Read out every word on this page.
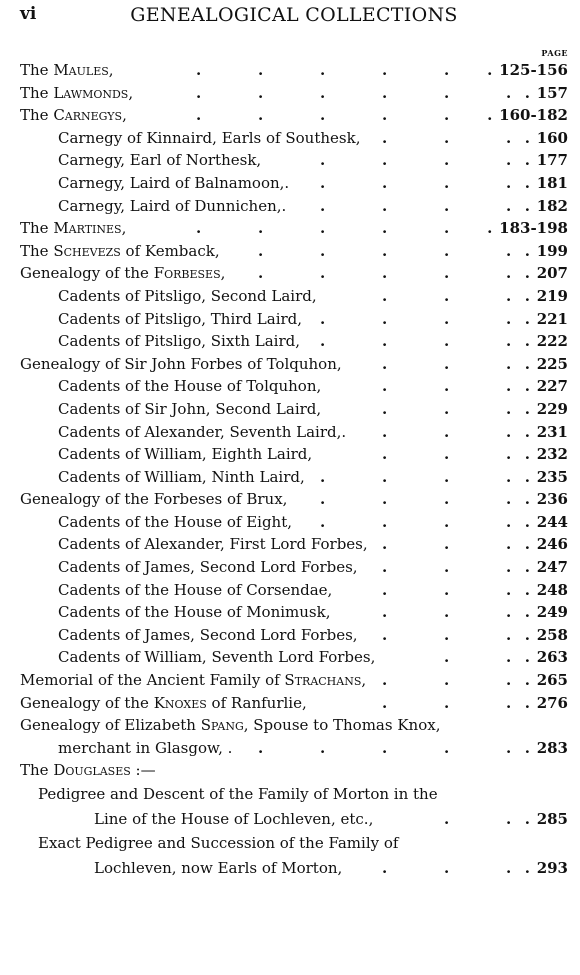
vi	GENEALOGICAL COLLECTIONS
PAGE
The Maules,	125-156
.	.	.	.	.	.
The Lawmonds,	157
.	.	.	.	.	. .
The Carnegys,	160-182
.	.	.	.	.	.
Carnegy of Kinnaird, Earls of Southesk,	160
.	.	. .
Carnegy, Earl of Northesk,	177
.	.	.	. .
Carnegy, Laird of Balnamoon,.	181
.	.	.	. .
Carnegy, Laird of Dunnichen,.	182
.	.	.	. .
The Martines,	183-198
.	.	.	.	.	.
The Schevezs of Kemback,	199
.	.	.	.	. .
Genealogy of the Forbeses,	207
.	.	.	.	. .
Cadents of Pitsligo, Second Laird,	219
.	.	. .
Cadents of Pitsligo, Third Laird,	221
.	.	.	. .
Cadents of Pitsligo, Sixth Laird,	222
.	.	.	. .
Genealogy of Sir John Forbes of Tolquhon,	225
.	.	. .
Cadents of the House of Tolquhon,	227
.	.	. .
Cadents of Sir John, Second Laird,	229
.	.	. .
Cadents of Alexander, Seventh Laird,.	231
.	.	. .
Cadents of William, Eighth Laird,	232
.	.	. .
Cadents of William, Ninth Laird,	235
.	.	.	. .
Genealogy of the Forbeses of Brux,	236
.	.	.	. .
Cadents of the House of Eight,	244
.	.	.	. .
Cadents of Alexander, First Lord Forbes,	246
.	.	. .
Cadents of James, Second Lord Forbes,	247
.	.	. .
Cadents of the House of Corsendae,	248
.	.	. .
Cadents of the House of Monimusk,	249
.	.	. .
Cadents of James, Second Lord Forbes,	258
.	.	. .
Cadents of William, Seventh Lord Forbes,	263
.	. .
Memorial of the Ancient Family of Strachans,	265
.	.	. .
Genealogy of the Knoxes of Ranfurlie,	276
.	.	. .
Genealogy of Elizabeth Spang, Spouse to Thomas Knox,
merchant in Glasgow, .	283
.	.	.	.	. .
The Douglases :—
Pedigree and Descent of the Family of Morton in the
Line of the House of Lochleven, etc.,	285
.	. .
Exact Pedigree and Succession of the Family of
Lochleven, now Earls of Morton,	293
.	.	. .
